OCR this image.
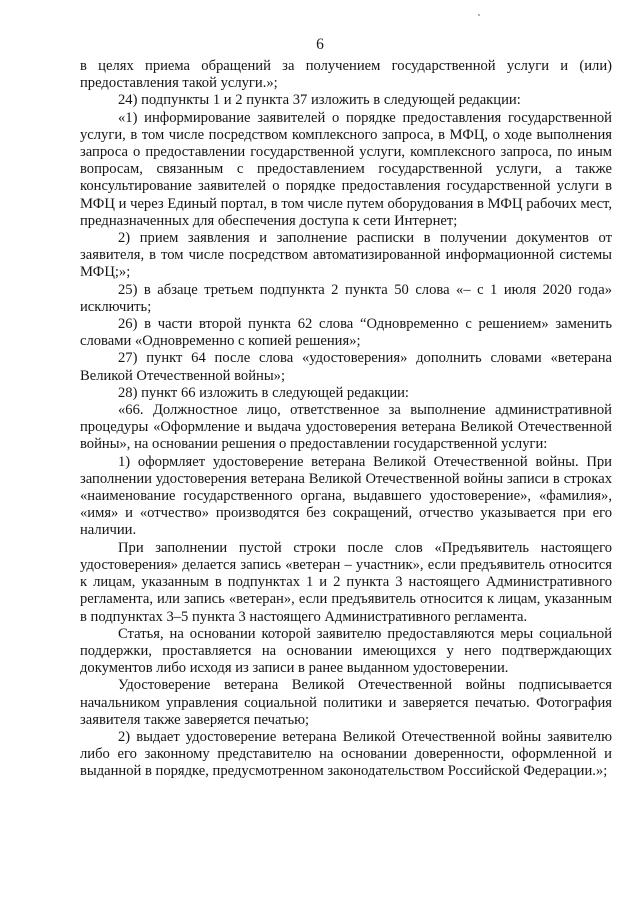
6

в целях приема обращений за получением государственной услуги и (или) предоставления такой услуги.»;

24) подпункты 1 и 2 пункта 37 изложить в следующей редакции:

«1) информирование заявителей о порядке предоставления государственной услуги, в том числе посредством комплексного запроса, в МФЦ, о ходе выполнения запроса о предоставлении государственной услуги, комплексного запроса, по иным вопросам, связанным с предоставлением государственной услуги, а также консультирование заявителей о порядке предоставления государственной услуги в МФЦ и через Единый портал, в том числе путем оборудования в МФЦ рабочих мест, предназначенных для обеспечения доступа к сети Интернет;

2) прием заявления и заполнение расписки в получении документов от заявителя, в том числе посредством автоматизированной информационной системы МФЦ;»;

25) в абзаце третьем подпункта 2 пункта 50 слова «– с 1 июля 2020 года» исключить;

26) в части второй пункта 62 слова “Одновременно с решением» заменить словами «Одновременно с копией решения»;

27) пункт 64 после слова «удостоверения» дополнить словами «ветерана Великой Отечественной войны»;

28) пункт 66 изложить в следующей редакции:

«66. Должностное лицо, ответственное за выполнение административной процедуры «Оформление и выдача удостоверения ветерана Великой Отечественной войны», на основании решения о предоставлении государственной услуги:

1) оформляет удостоверение ветерана Великой Отечественной войны. При заполнении удостоверения ветерана Великой Отечественной войны записи в строках «наименование государственного органа, выдавшего удостоверение», «фамилия», «имя» и «отчество» производятся без сокращений, отчество указывается при его наличии.

При заполнении пустой строки после слов «Предъявитель настоящего удостоверения» делается запись «ветеран – участник», если предъявитель относится к лицам, указанным в подпунктах 1 и 2 пункта 3 настоящего Административного регламента, или запись «ветеран», если предъявитель относится к лицам, указанным в подпунктах 3–5 пункта 3 настоящего Административного регламента.

Статья, на основании которой заявителю предоставляются меры социальной поддержки, проставляется на основании имеющихся у него подтверждающих документов либо исходя из записи в ранее выданном удостоверении.

Удостоверение ветерана Великой Отечественной войны подписывается начальником управления социальной политики и заверяется печатью. Фотография заявителя также заверяется печатью;

2) выдает удостоверение ветерана Великой Отечественной войны заявителю либо его законному представителю на основании доверенности, оформленной и выданной в порядке, предусмотренном законодательством Российской Федерации.»;
